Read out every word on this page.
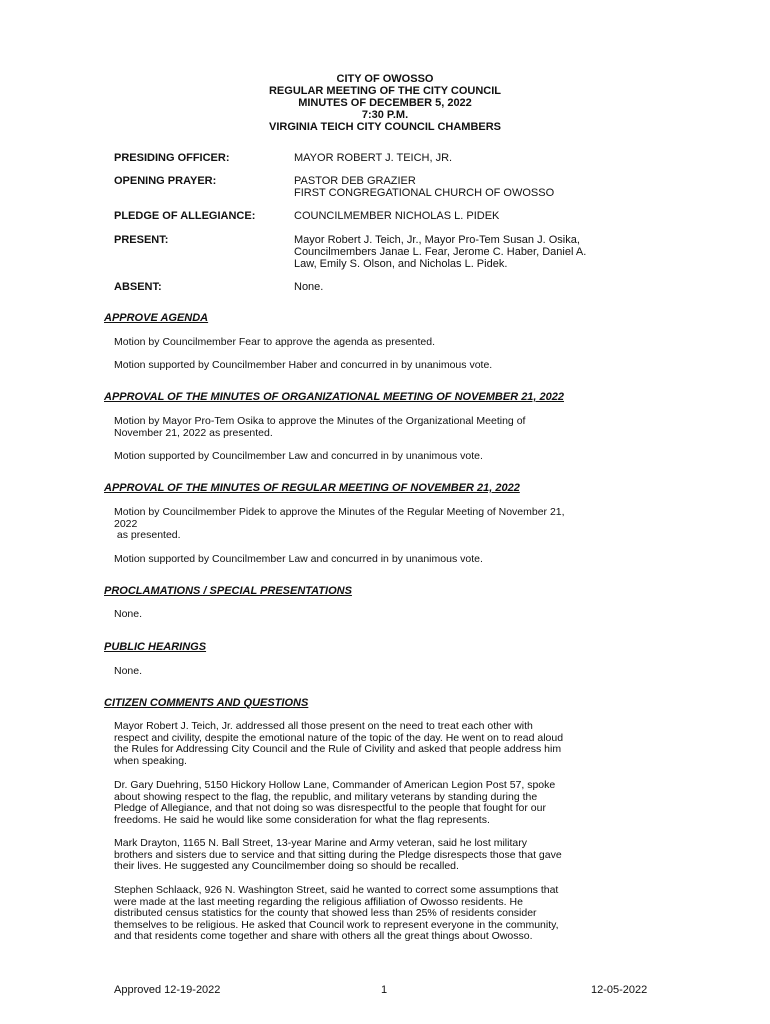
CITY OF OWOSSO
REGULAR MEETING OF THE CITY COUNCIL
MINUTES OF DECEMBER 5, 2022
7:30 P.M.
VIRGINIA TEICH CITY COUNCIL CHAMBERS
PRESIDING OFFICER:	MAYOR ROBERT J. TEICH, JR.
OPENING PRAYER:	PASTOR DEB GRAZIER
FIRST CONGREGATIONAL CHURCH OF OWOSSO
PLEDGE OF ALLEGIANCE:	COUNCILMEMBER NICHOLAS L. PIDEK
PRESENT:	Mayor Robert J. Teich, Jr., Mayor Pro-Tem Susan J. Osika,
Councilmembers Janae L. Fear, Jerome C. Haber, Daniel A.
Law, Emily S. Olson, and Nicholas L. Pidek.
ABSENT:	None.
APPROVE AGENDA
Motion by Councilmember Fear to approve the agenda as presented.
Motion supported by Councilmember Haber and concurred in by unanimous vote.
APPROVAL OF THE MINUTES OF ORGANIZATIONAL MEETING OF NOVEMBER 21, 2022
Motion by Mayor Pro-Tem Osika to approve the Minutes of the Organizational Meeting of
November 21, 2022 as presented.
Motion supported by Councilmember Law and concurred in by unanimous vote.
APPROVAL OF THE MINUTES OF REGULAR MEETING OF NOVEMBER 21, 2022
Motion by Councilmember Pidek to approve the Minutes of the Regular Meeting of November 21,
2022
as presented.
Motion supported by Councilmember Law and concurred in by unanimous vote.
PROCLAMATIONS / SPECIAL PRESENTATIONS
None.
PUBLIC HEARINGS
None.
CITIZEN COMMENTS AND QUESTIONS
Mayor Robert J. Teich, Jr. addressed all those present on the need to treat each other with
respect and civility, despite the emotional nature of the topic of the day. He went on to read aloud
the Rules for Addressing City Council and the Rule of Civility and asked that people address him
when speaking.
Dr. Gary Duehring, 5150 Hickory Hollow Lane, Commander of American Legion Post 57, spoke
about showing respect to the flag, the republic, and military veterans by standing during the
Pledge of Allegiance, and that not doing so was disrespectful to the people that fought for our
freedoms. He said he would like some consideration for what the flag represents.
Mark Drayton, 1165 N. Ball Street, 13-year Marine and Army veteran, said he lost military
brothers and sisters due to service and that sitting during the Pledge disrespects those that gave
their lives. He suggested any Councilmember doing so should be recalled.
Stephen Schlaack, 926 N. Washington Street, said he wanted to correct some assumptions that
were made at the last meeting regarding the religious affiliation of Owosso residents. He
distributed census statistics for the county that showed less than 25% of residents consider
themselves to be religious. He asked that Council work to represent everyone in the community,
and that residents come together and share with others all the great things about Owosso.
Approved 12-19-2022	1	12-05-2022
